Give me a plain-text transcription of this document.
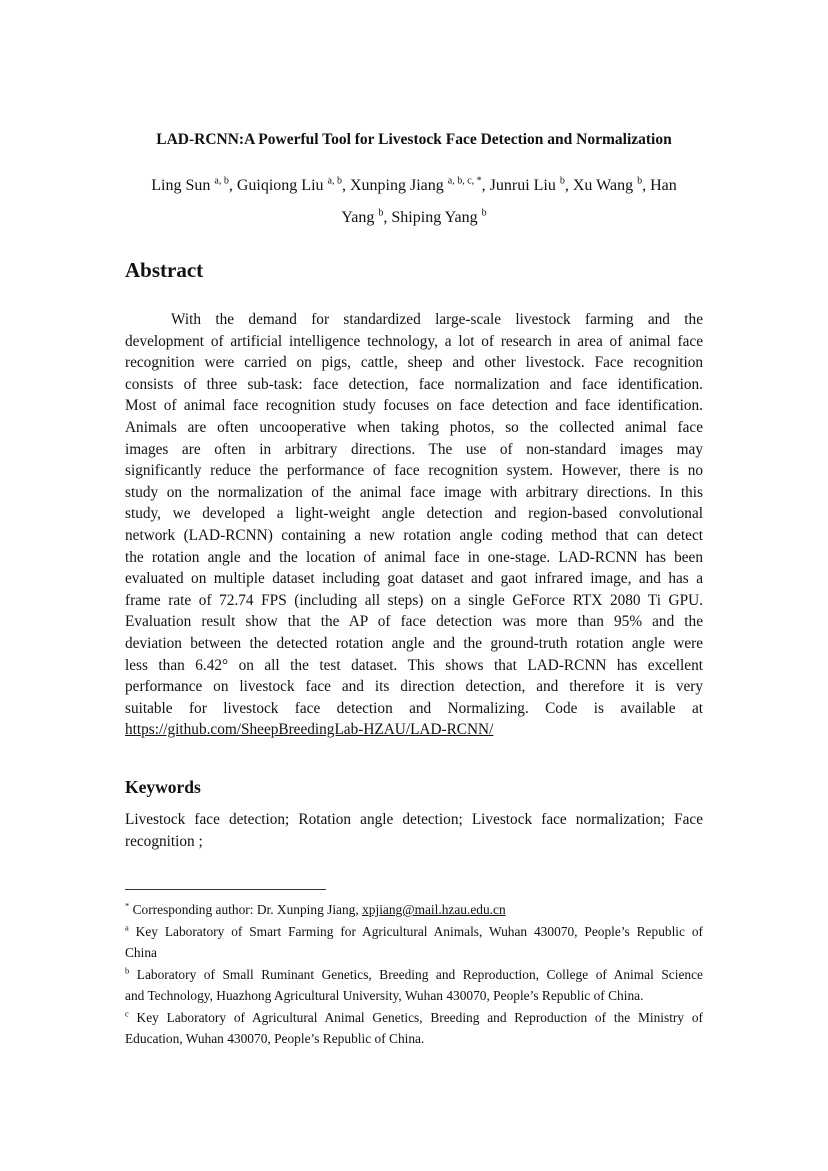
LAD-RCNN:A Powerful Tool for Livestock Face Detection and Normalization
Ling Sun $^{a, b}$, Guiqiong Liu $^{a, b}$, Xunping Jiang $^{a, b, c, *}$, Junrui Liu $^b$, Xu Wang $^b$, Han
Yang $^b$, Shiping Yang $^b$
Abstract
With the demand for standardized large-scale livestock farming and the
development of artificial intelligence technology, a lot of research in area of animal face
recognition were carried on pigs, cattle, sheep and other livestock. Face recognition
consists of three sub-task: face detection, face normalization and face identification.
Most of animal face recognition study focuses on face detection and face identification.
Animals are often uncooperative when taking photos, so the collected animal face
images are often in arbitrary directions. The use of non-standard images may
significantly reduce the performance of face recognition system. However, there is no
study on the normalization of the animal face image with arbitrary directions. In this
study, we developed a light-weight angle detection and region-based convolutional
network (LAD-RCNN) containing a new rotation angle coding method that can detect
the rotation angle and the location of animal face in one-stage. LAD-RCNN has been
evaluated on multiple dataset including goat dataset and gaot infrared image, and has a
frame rate of 72.74 FPS (including all steps) on a single GeForce RTX 2080 Ti GPU.
Evaluation result show that the AP of face detection was more than 95% and the
deviation between the detected rotation angle and the ground-truth rotation angle were
less than 6.42° on all the test dataset. This shows that LAD-RCNN has excellent
performance on livestock face and its direction detection, and therefore it is very
suitable for livestock face detection and Normalizing. Code is available at
https://github.com/SheepBreedingLab-HZAU/LAD-RCNN/
Keywords
Livestock face detection; Rotation angle detection; Livestock face normalization; Face
recognition ;
* Corresponding author: Dr. Xunping Jiang, xpjiang@mail.hzau.edu.cn
$^a$ Key Laboratory of Smart Farming for Agricultural Animals, Wuhan 430070, People’s Republic of
China
$^b$ Laboratory of Small Ruminant Genetics, Breeding and Reproduction, College of Animal Science
and Technology, Huazhong Agricultural University, Wuhan 430070, People’s Republic of China.
$^c$ Key Laboratory of Agricultural Animal Genetics, Breeding and Reproduction of the Ministry of
Education, Wuhan 430070, People’s Republic of China.
